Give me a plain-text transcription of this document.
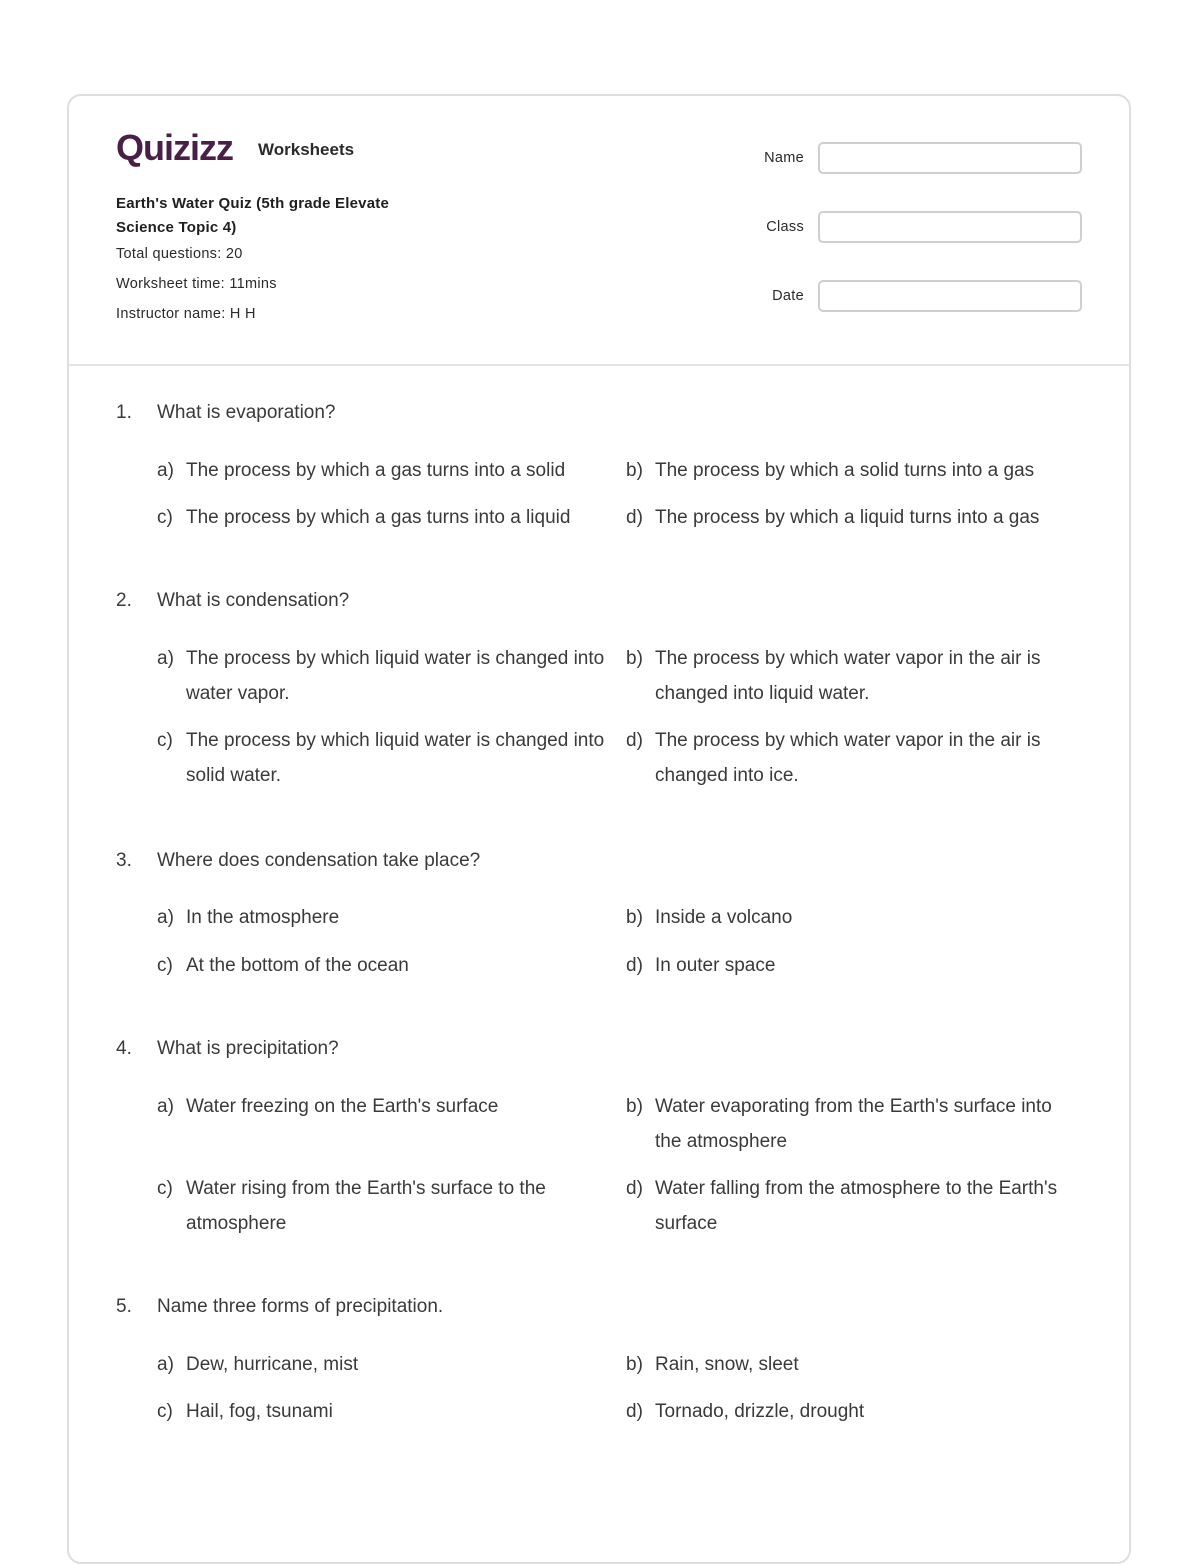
Quizizz Worksheets
Earth's Water Quiz (5th grade Elevate Science Topic 4)
Total questions: 20
Worksheet time: 11mins
Instructor name: H H
Name
Class
Date
1. What is evaporation?
a) The process by which a gas turns into a solid	b) The process by which a solid turns into a gas
c) The process by which a gas turns into a liquid	d) The process by which a liquid turns into a gas
2. What is condensation?
a) The process by which liquid water is changed into water vapor.
b) The process by which water vapor in the air is changed into liquid water.
c) The process by which liquid water is changed into solid water.
d) The process by which water vapor in the air is changed into ice.
3. Where does condensation take place?
a) In the atmosphere	b) Inside a volcano
c) At the bottom of the ocean	d) In outer space
4. What is precipitation?
a) Water freezing on the Earth's surface	b) Water evaporating from the Earth's surface into the atmosphere
c) Water rising from the Earth's surface to the atmosphere
d) Water falling from the atmosphere to the Earth's surface
5. Name three forms of precipitation.
a) Dew, hurricane, mist	b) Rain, snow, sleet
c) Hail, fog, tsunami	d) Tornado, drizzle, drought
